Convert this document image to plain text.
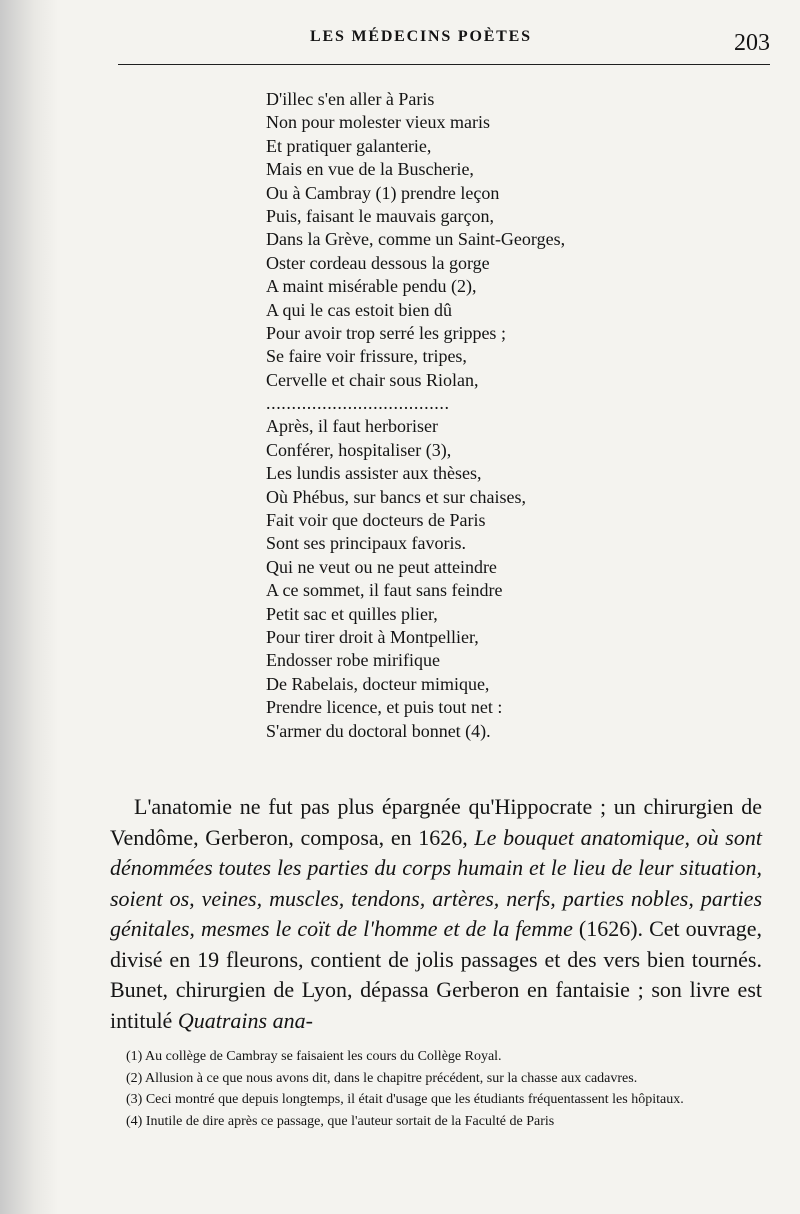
LES MÉDECINS POÈTES	203
D'illec s'en aller à Paris
Non pour molester vieux maris
Et pratiquer galanterie,
Mais en vue de la Buscherie,
Ou à Cambray (1) prendre leçon
Puis, faisant le mauvais garçon,
Dans la Grève, comme un Saint-Georges,
Oster cordeau dessous la gorge
A maint misérable pendu (2),
A qui le cas estoit bien dû
Pour avoir trop serré les grippes ;
Se faire voir frissure, tripes,
Cervelle et chair sous Riolan,
....................................
Après, il faut herboriser
Conférer, hospitaliser (3),
Les lundis assister aux thèses,
Où Phébus, sur bancs et sur chaises,
Fait voir que docteurs de Paris
Sont ses principaux favoris.
Qui ne veut ou ne peut atteindre
A ce sommet, il faut sans feindre
Petit sac et quilles plier,
Pour tirer droit à Montpellier,
Endosser robe mirifique
De Rabelais, docteur mimique,
Prendre licence, et puis tout net :
S'armer du doctoral bonnet (4).

L'anatomie ne fut pas plus épargnée qu'Hippocrate ; un chirurgien de Vendôme, Gerberon, composa, en 1626, Le bouquet anatomique, où sont dénommées toutes les parties du corps humain et le lieu de leur situation, soient os, veines, muscles, tendons, artères, nerfs, parties nobles, parties génitales, mesmes le coït de l'homme et de la femme (1626). Cet ouvrage, divisé en 19 fleurons, contient de jolis passages et des vers bien tournés. Bunet, chirurgien de Lyon, dépassa Gerberon en fantaisie ; son livre est intitulé Quatrains ana-

(1) Au collège de Cambray se faisaient les cours du Collège Royal.

(2) Allusion à ce que nous avons dit, dans le chapitre précédent, sur la chasse aux cadavres.

(3) Ceci montré que depuis longtemps, il était d'usage que les étudiants fréquentassent les hôpitaux.

(4) Inutile de dire après ce passage, que l'auteur sortait de la Faculté de Paris
